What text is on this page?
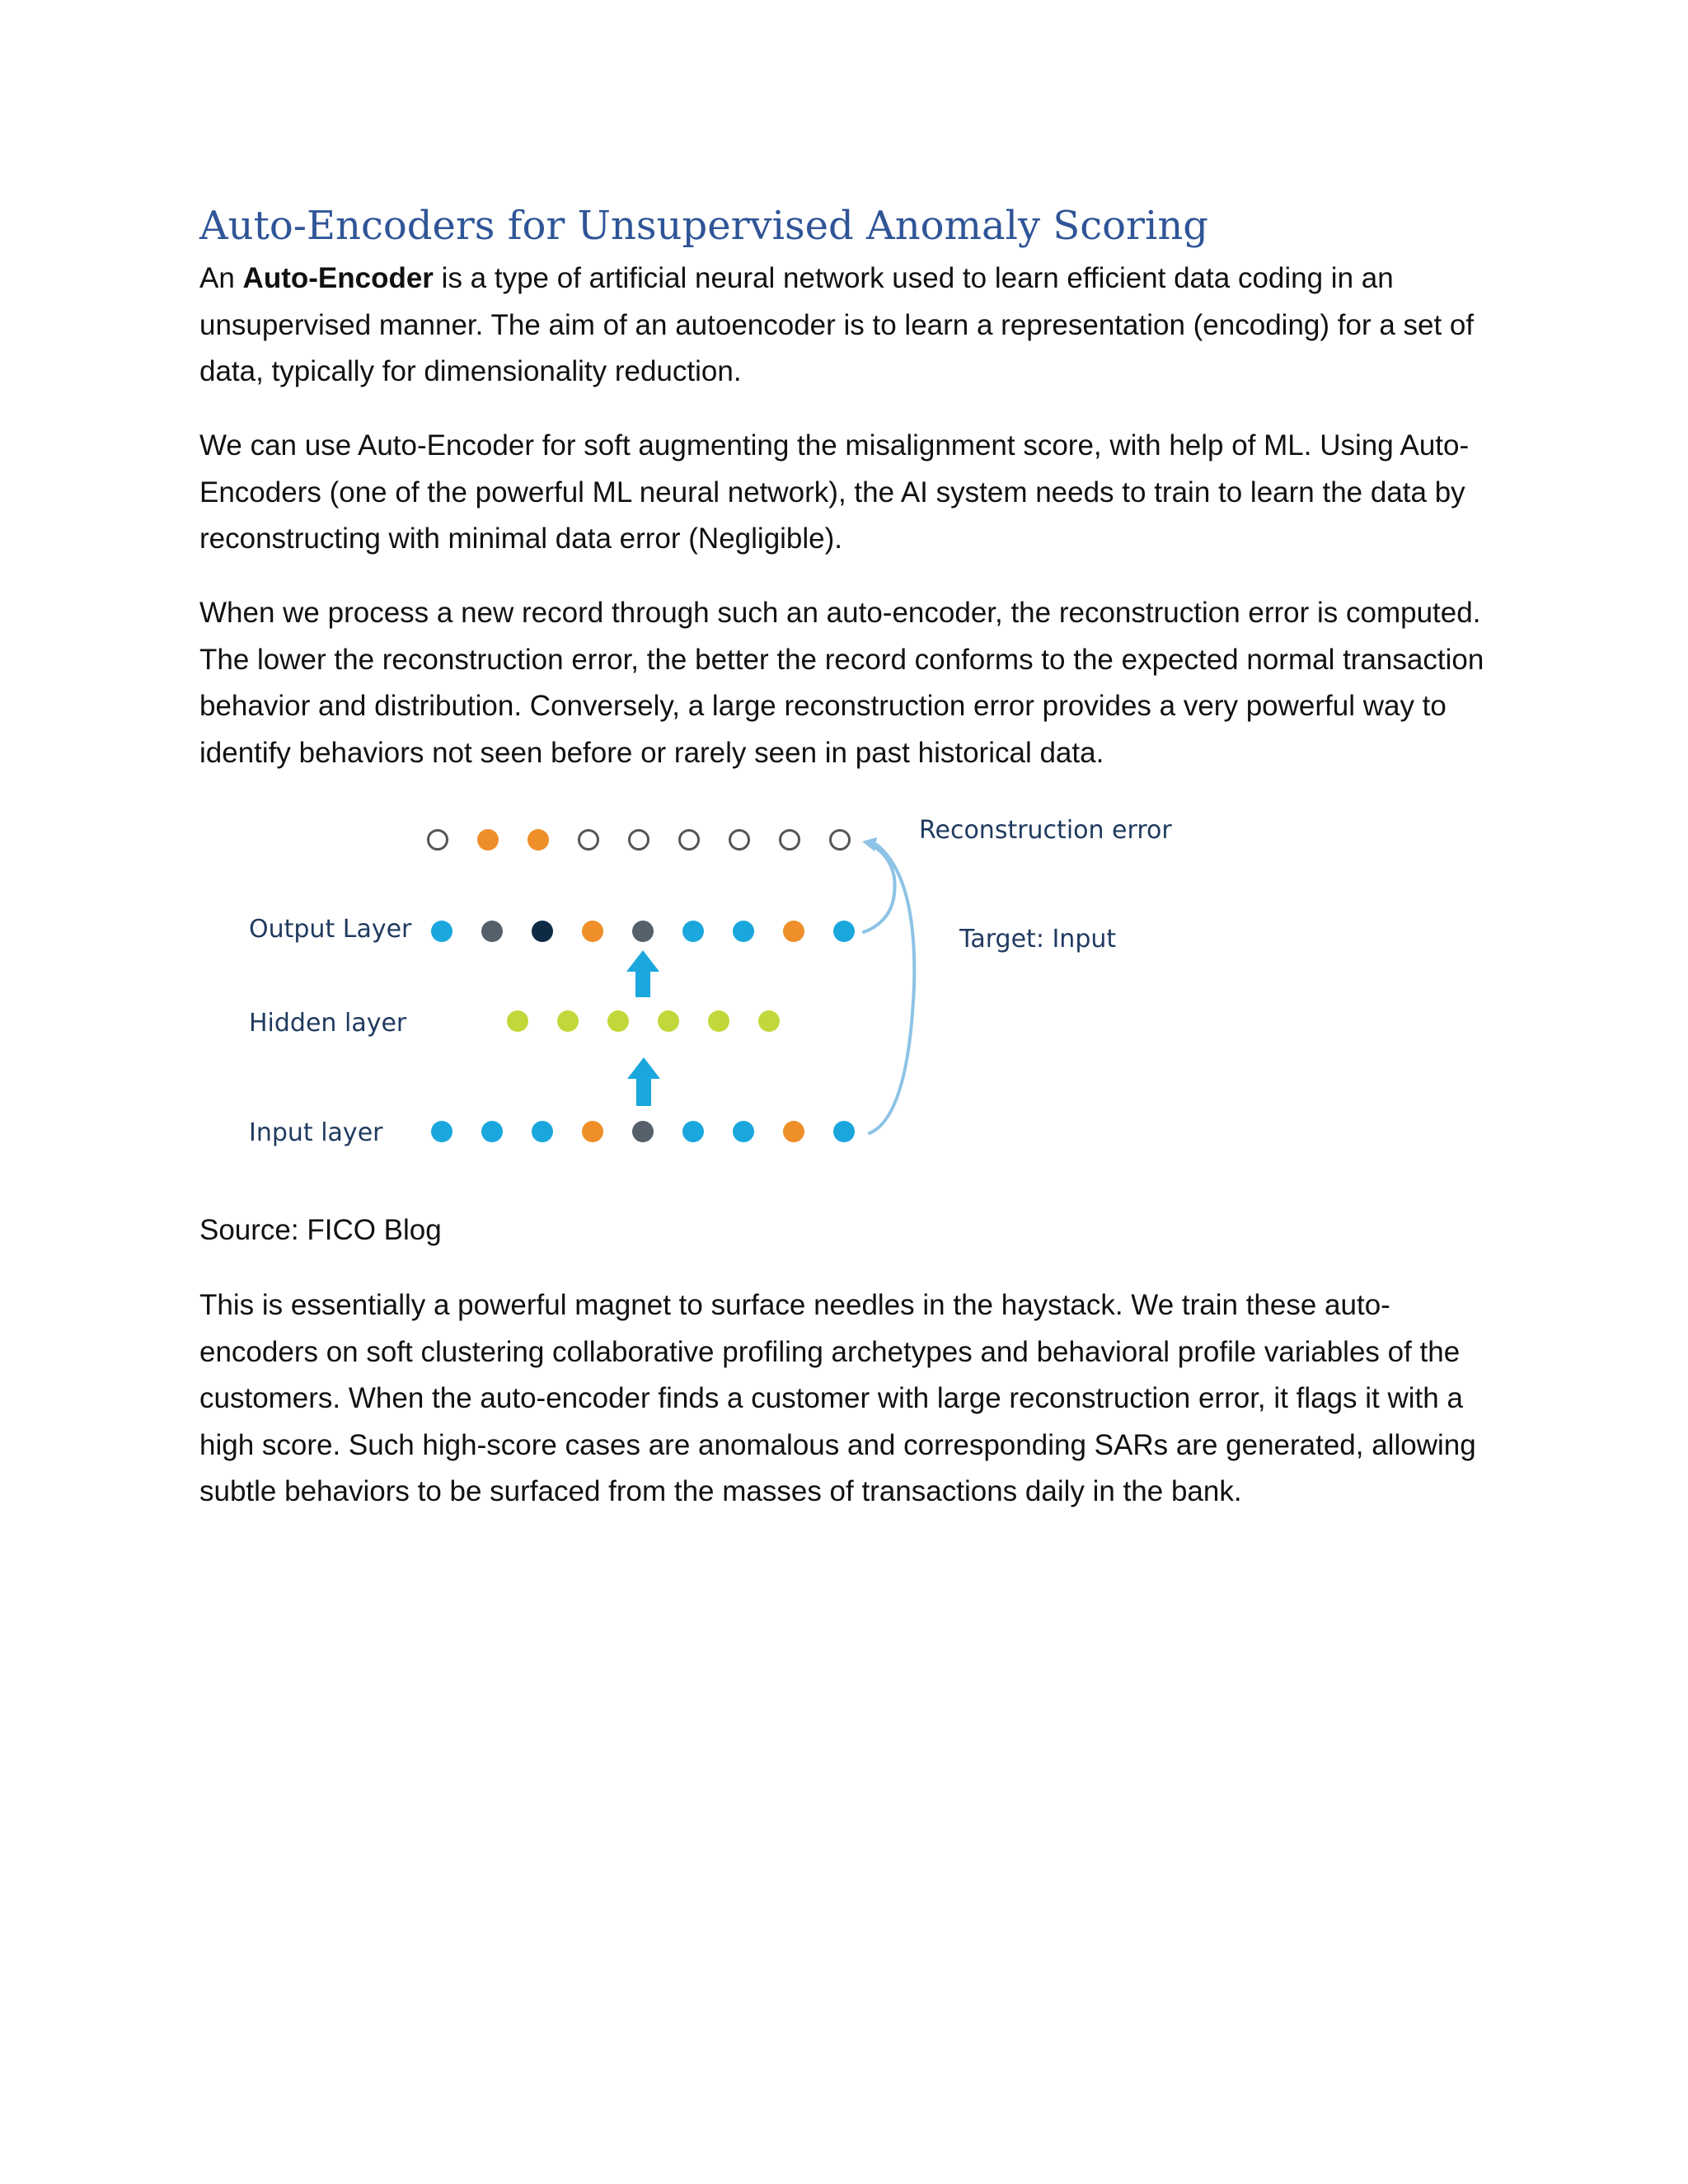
Auto-Encoders for Unsupervised Anomaly Scoring

An Auto-Encoder is a type of artificial neural network used to learn efficient data coding in an unsupervised manner. The aim of an autoencoder is to learn a representation (encoding) for a set of data, typically for dimensionality reduction.

We can use Auto-Encoder for soft augmenting the misalignment score, with help of ML. Using Auto-Encoders (one of the powerful ML neural network), the AI system needs to train to learn the data by reconstructing with minimal data error (Negligible).

When we process a new record through such an auto-encoder, the reconstruction error is computed. The lower the reconstruction error, the better the record conforms to the expected normal transaction behavior and distribution. Conversely, a large reconstruction error provides a very powerful way to identify behaviors not seen before or rarely seen in past historical data.

Reconstruction error
Output Layer	Target: Input
Hidden layer
Input layer

Source: FICO Blog

This is essentially a powerful magnet to surface needles in the haystack. We train these auto-encoders on soft clustering collaborative profiling archetypes and behavioral profile variables of the customers. When the auto-encoder finds a customer with large reconstruction error, it flags it with a high score. Such high-score cases are anomalous and corresponding SARs are generated, allowing subtle behaviors to be surfaced from the masses of transactions daily in the bank.
